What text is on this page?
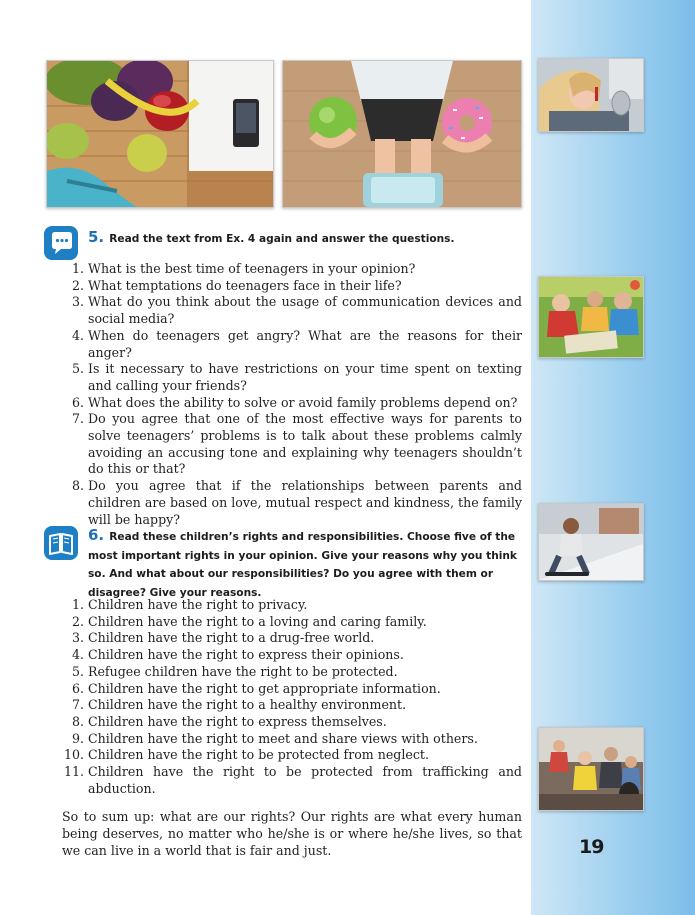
5. Read the text from Ex. 4 again and answer the questions.
1. What is the best time of teenagers in your opinion?
2. What temptations do teenagers face in their life?
3. What do you think about the usage of communication devices and social media?
4. When do teenagers get angry? What are the reasons for their anger?
5. Is it necessary to have restrictions on your time spent on texting and calling your friends?
6. What does the ability to solve or avoid family problems depend on?
7. Do you agree that one of the most effective ways for parents to solve teenagers’ problems is to talk about these problems calmly avoiding an accusing tone and explaining why teenagers shouldn’t do this or that?
8. Do you agree that if the relationships between parents and children are based on love, mutual respect and kindness, the family will be happy?
6. Read these children’s rights and responsibilities. Choose five of the most important rights in your opinion. Give your reasons why you think so. And what about our responsibilities? Do you agree with them or disagree? Give your reasons.
1. Children have the right to privacy.
2. Children have the right to a loving and caring family.
3. Children have the right to a drug-free world.
4. Children have the right to express their opinions.
5. Refugee children have the right to be protected.
6. Children have the right to get appropriate information.
7. Children have the right to a healthy environment.
8. Children have the right to express themselves.
9. Children have the right to meet and share views with others.
10. Children have the right to be protected from neglect.
11. Children have the right to be protected from trafficking and abduction.

So to sum up: what are our rights? Our rights are what every human being deserves, no matter who he/she is or where he/she lives, so that we can live in a world that is fair and just.	19
